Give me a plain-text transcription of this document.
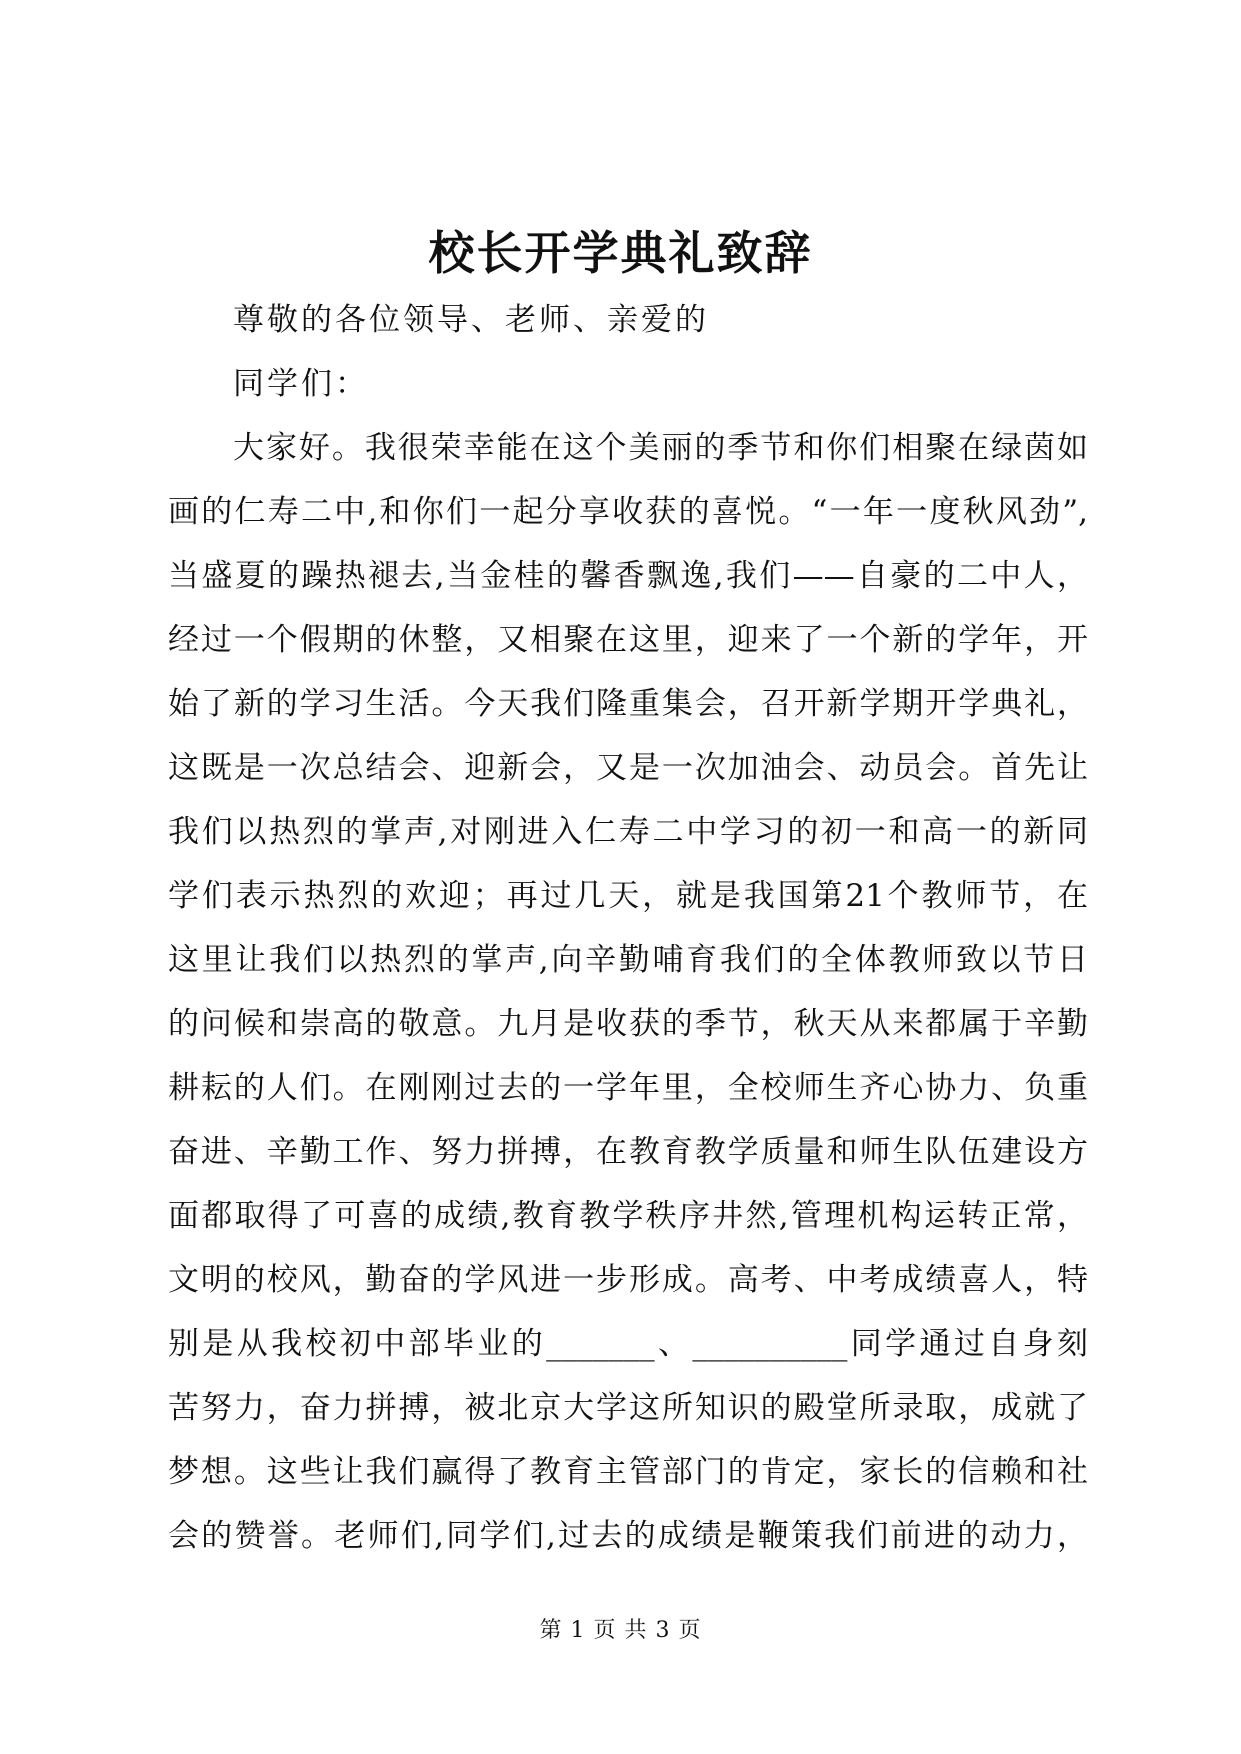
校长开学典礼致辞
尊敬的各位领导、老师、亲爱的
同学们：
大家好。我很荣幸能在这个美丽的季节和你们相聚在绿茵如
画的仁寿二中,和你们一起分享收获的喜悦。“一年一度秋风劲”,
当盛夏的躁热褪去,当金桂的馨香飘逸,我们——自豪的二中人，
经过一个假期的休整，又相聚在这里，迎来了一个新的学年，开
始了新的学习生活。今天我们隆重集会，召开新学期开学典礼，
这既是一次总结会、迎新会，又是一次加油会、动员会。首先让
我们以热烈的掌声,对刚进入仁寿二中学习的初一和高一的新同
学们表示热烈的欢迎；再过几天，就是我国第21个教师节，在
这里让我们以热烈的掌声,向辛勤哺育我们的全体教师致以节日
的问候和崇高的敬意。九月是收获的季节，秋天从来都属于辛勤
耕耘的人们。在刚刚过去的一学年里，全校师生齐心协力、负重
奋进、辛勤工作、努力拼搏，在教育教学质量和师生队伍建设方
面都取得了可喜的成绩,教育教学秩序井然,管理机构运转正常，
文明的校风，勤奋的学风进一步形成。高考、中考成绩喜人，特
别是从我校初中部毕业的_______、__________同学通过自身刻
苦努力，奋力拼搏，被北京大学这所知识的殿堂所录取，成就了
梦想。这些让我们赢得了教育主管部门的肯定，家长的信赖和社
会的赞誉。老师们,同学们,过去的成绩是鞭策我们前进的动力，
第 1 页 共 3 页
